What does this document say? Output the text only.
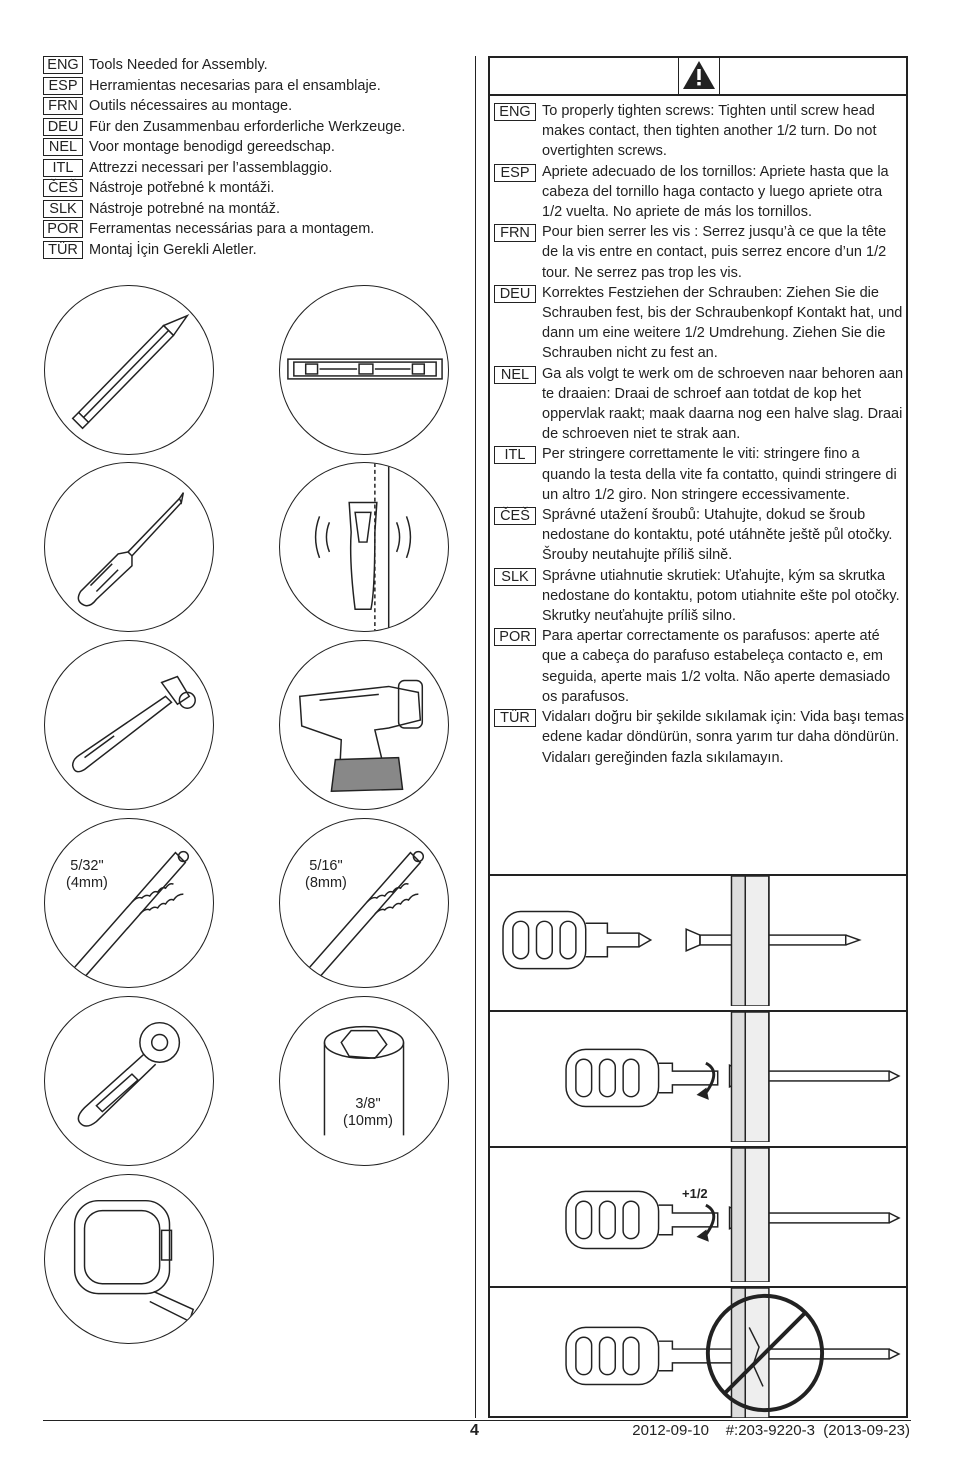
ENG Tools Needed for Assembly.
ESP Herramientas necesarias para el ensamblaje.
FRN Outils nécessaires au montage.
DEU Für den Zusammenbau erforderliche Werkzeuge.
NEL Voor montage benodigd gereedschap.
ITL	Attrezzi necessari per l’assemblaggio.
ČEŠ Nástroje potřebné k montáži.
SLK Nástroje potrebné na montáž.
POR Ferramentas necessárias para a montagem.
TÜR Montaj İçin Gerekli Aletler.
5/32"
(4mm)
5/16"
(8mm)
3/8"
(10mm)
ENG To properly tighten screws: Tighten until screw head makes contact, then tighten another 1/2 turn. Do not overtighten screws.
ESP Apriete adecuado de los tornillos: Apriete hasta que la cabeza del tornillo haga contacto y luego apriete otra 1/2 vuelta. No apriete de más los tornillos.
FRN Pour bien serrer les vis : Serrez jusqu’à ce que la tête de la vis entre en contact, puis serrez encore d’un 1/2 tour. Ne serrez pas trop les vis.
DEU Korrektes Festziehen der Schrauben: Ziehen Sie die Schrauben fest, bis der Schraubenkopf Kontakt hat, und dann um eine weitere 1/2 Umdrehung. Ziehen Sie die Schrauben nicht zu fest an.
NEL Ga als volgt te werk om de schroeven naar behoren aan te draaien: Draai de schroef aan totdat de kop het oppervlak raakt; maak daarna nog een halve slag. Draai de schroeven niet te strak aan.
ITL	Per stringere correttamente le viti: stringere fino a quando la testa della vite fa contatto, quindi stringere di un altro 1/2 giro. Non stringere eccessivamente.
ČEŠ Správné utažení šroubů: Utahujte, dokud se šroub nedostane do kontaktu, poté utáhněte ještě půl otočky. Šrouby neutahujte příliš silně.
SLK Správne utiahnutie skrutiek: Uťahujte, kým sa skrutka nedostane do kontaktu, potom utiahnite ešte pol otočky. Skrutky neuťahujte príliš silno.
POR Para apertar correctamente os parafusos: aperte até que a cabeça do parafuso estabeleça contacto e, em seguida, aperte mais 1/2 volta. Não aperte demasiado os parafusos.
TÜR Vidaları doğru bir şekilde sıkılamak için: Vida başı temas edene kadar döndürün, sonra yarım tur daha döndürün. Vidaları gereğinden fazla sıkılamayın.
+1/2
4	2012-09-10    #:203-9220-3  (2013-09-23)
